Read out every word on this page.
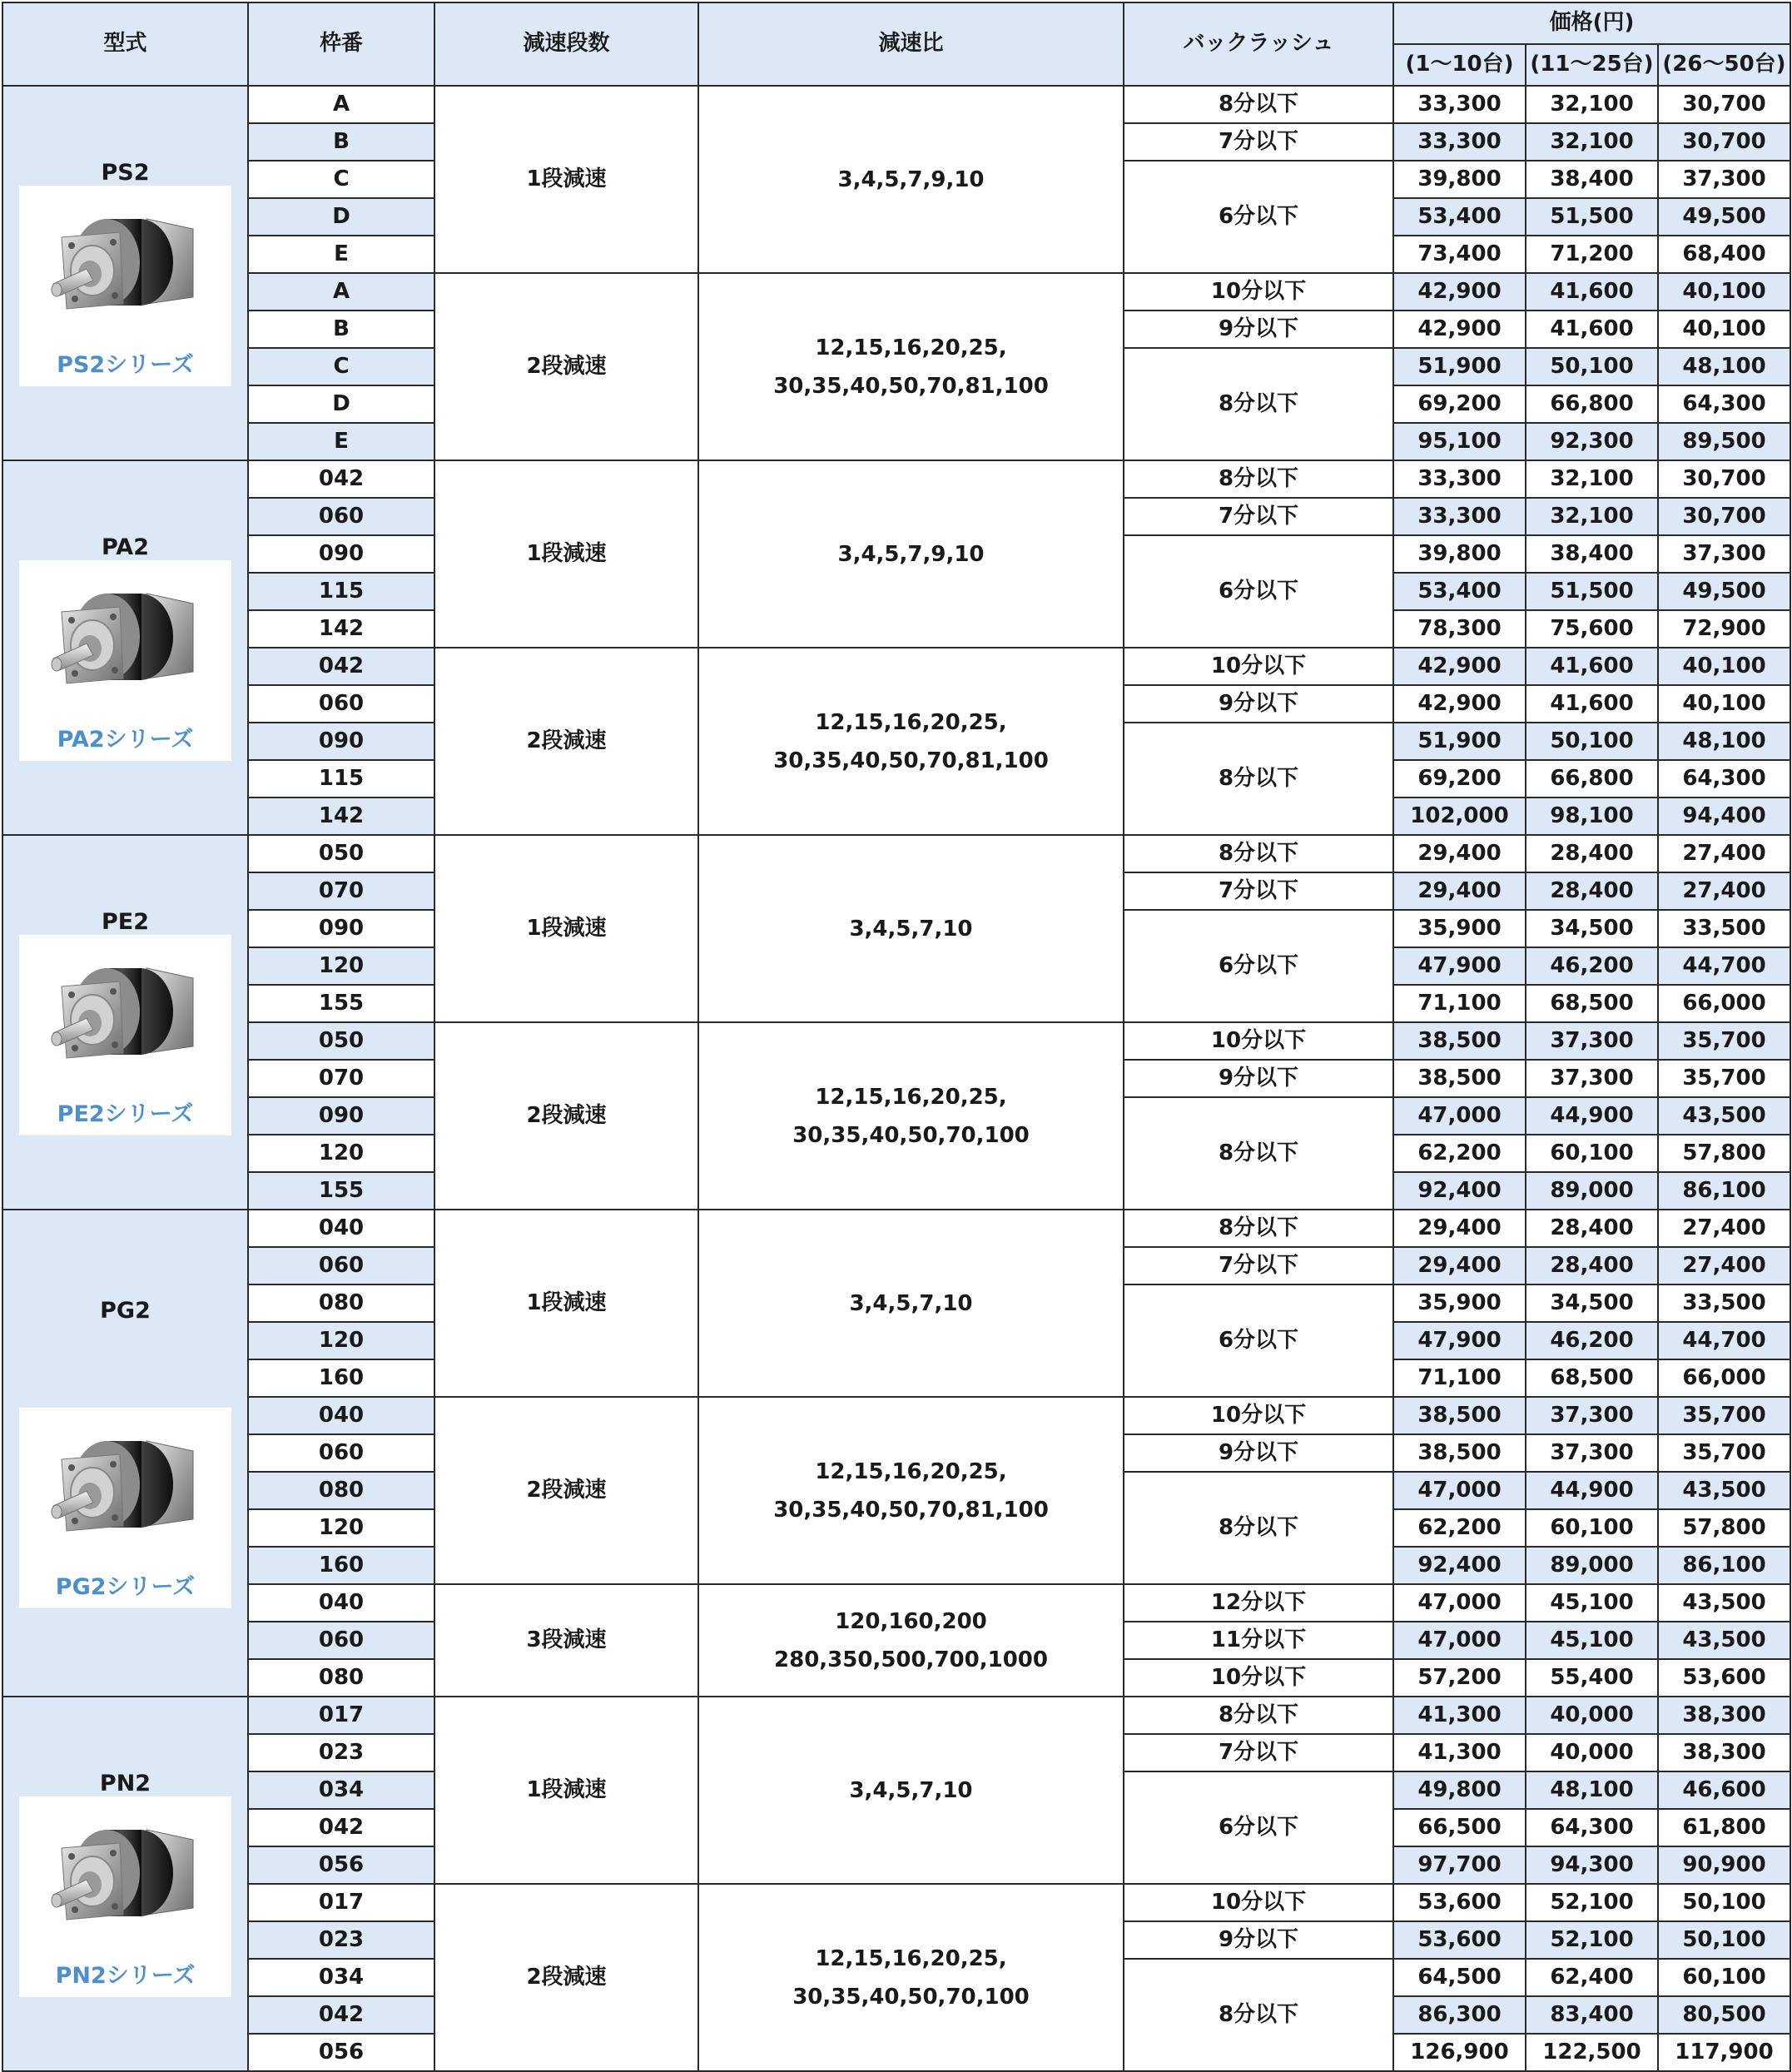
型式	枠番	減速段数	減速比	バックラッシュ	価格(円)		
					(1～10台)	(11～25台)	(26～50台)

PS2
PS2シリーズ	A	1段減速	3,4,5,7,9,10	8分以下	33,300	32,100	30,700
	B			7分以下	33,300	32,100	30,700
	C			6分以下	39,800	38,400	37,300
	D				53,400	51,500	49,500
	E				73,400	71,200	68,400
	A	2段減速	12,15,16,20,25,
30,35,40,50,70,81,100	10分以下	42,900	41,600	40,100
	B			9分以下	42,900	41,600	40,100
	C			8分以下	51,900	50,100	48,100
	D				69,200	66,800	64,300
	E				95,100	92,300	89,500

PA2
PA2シリーズ	042	1段減速	3,4,5,7,9,10	8分以下	33,300	32,100	30,700
	060			7分以下	33,300	32,100	30,700
	090			6分以下	39,800	38,400	37,300
	115				53,400	51,500	49,500
	142				78,300	75,600	72,900
	042	2段減速	12,15,16,20,25,
30,35,40,50,70,81,100	10分以下	42,900	41,600	40,100
	060			9分以下	42,900	41,600	40,100
	090			8分以下	51,900	50,100	48,100
	115				69,200	66,800	64,300
	142				102,000	98,100	94,400

PE2
PE2シリーズ	050	1段減速	3,4,5,7,10	8分以下	29,400	28,400	27,400
	070			7分以下	29,400	28,400	27,400
	090			6分以下	35,900	34,500	33,500
	120				47,900	46,200	44,700
	155				71,100	68,500	66,000
	050	2段減速	12,15,16,20,25,
30,35,40,50,70,100	10分以下	38,500	37,300	35,700
	070			9分以下	38,500	37,300	35,700
	090			8分以下	47,000	44,900	43,500
	120				62,200	60,100	57,800
	155				92,400	89,000	86,100

PG2
PG2シリーズ	040	1段減速	3,4,5,7,10	8分以下	29,400	28,400	27,400
	060			7分以下	29,400	28,400	27,400
	080			6分以下	35,900	34,500	33,500
	120				47,900	46,200	44,700
	160				71,100	68,500	66,000
	040	2段減速	12,15,16,20,25,
30,35,40,50,70,81,100	10分以下	38,500	37,300	35,700
	060			9分以下	38,500	37,300	35,700
	080			8分以下	47,000	44,900	43,500
	120				62,200	60,100	57,800
	160				92,400	89,000	86,100
	040	3段減速	120,160,200
280,350,500,700,1000	12分以下	47,000	45,100	43,500
	060			11分以下	47,000	45,100	43,500
	080			10分以下	57,200	55,400	53,600

PN2
PN2シリーズ	017	1段減速	3,4,5,7,10	8分以下	41,300	40,000	38,300
	023			7分以下	41,300	40,000	38,300
	034			6分以下	49,800	48,100	46,600
	042				66,500	64,300	61,800
	056				97,700	94,300	90,900
	017	2段減速	12,15,16,20,25,
30,35,40,50,70,100	10分以下	53,600	52,100	50,100
	023			9分以下	53,600	52,100	50,100
	034			8分以下	64,500	62,400	60,100
	042				86,300	83,400	80,500
	056				126,900	122,500	117,900
